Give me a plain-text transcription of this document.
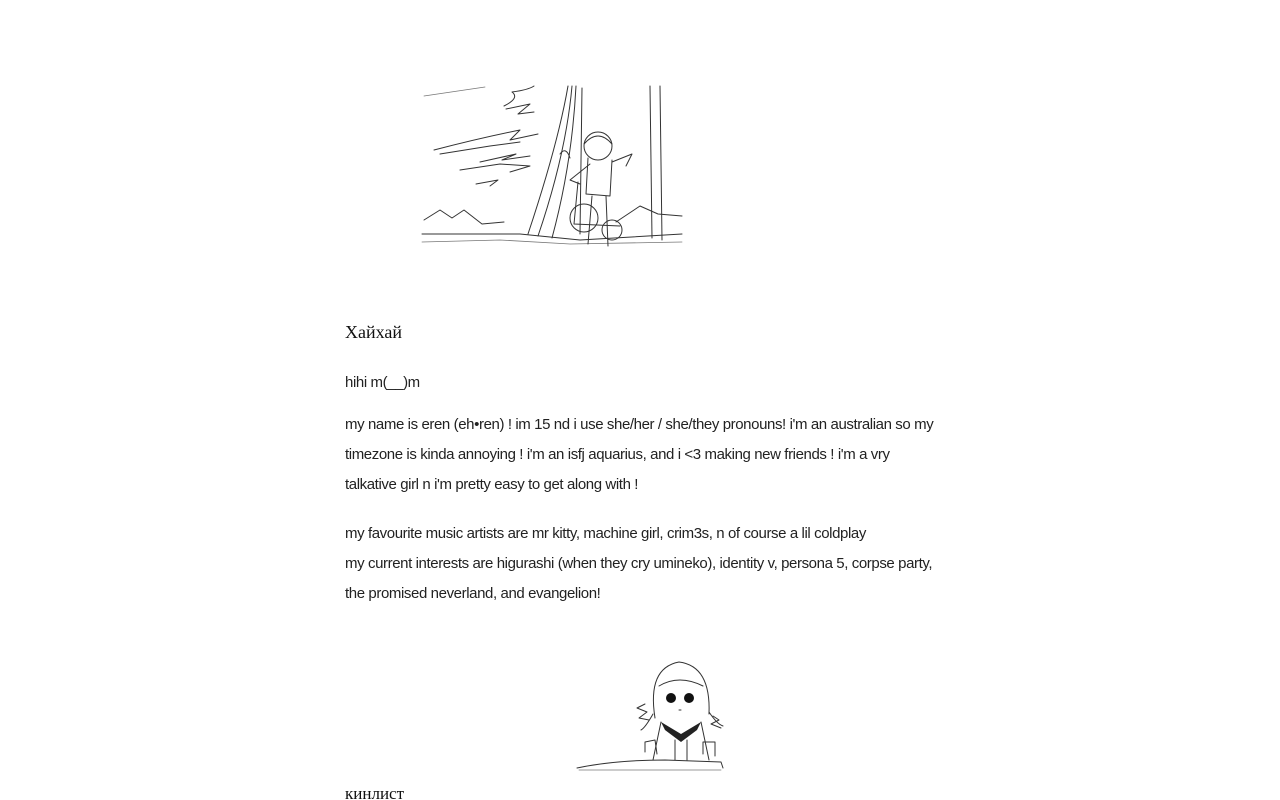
Хайхай
hihi m(__)m
my name is eren (eh•ren) ! im 15 nd i use she/her / she/they pronouns! i'm an australian so my timezone is kinda annoying ! i'm an isfj aquarius, and i <3 making new friends ! i'm a vry talkative girl n i'm pretty easy to get along with !
my favourite music artists are mr kitty, machine girl, crim3s, n of course a lil coldplay
my current interests are higurashi (when they cry umineko), identity v, persona 5, corpse party, the promised neverland, and evangelion!
кинлист
